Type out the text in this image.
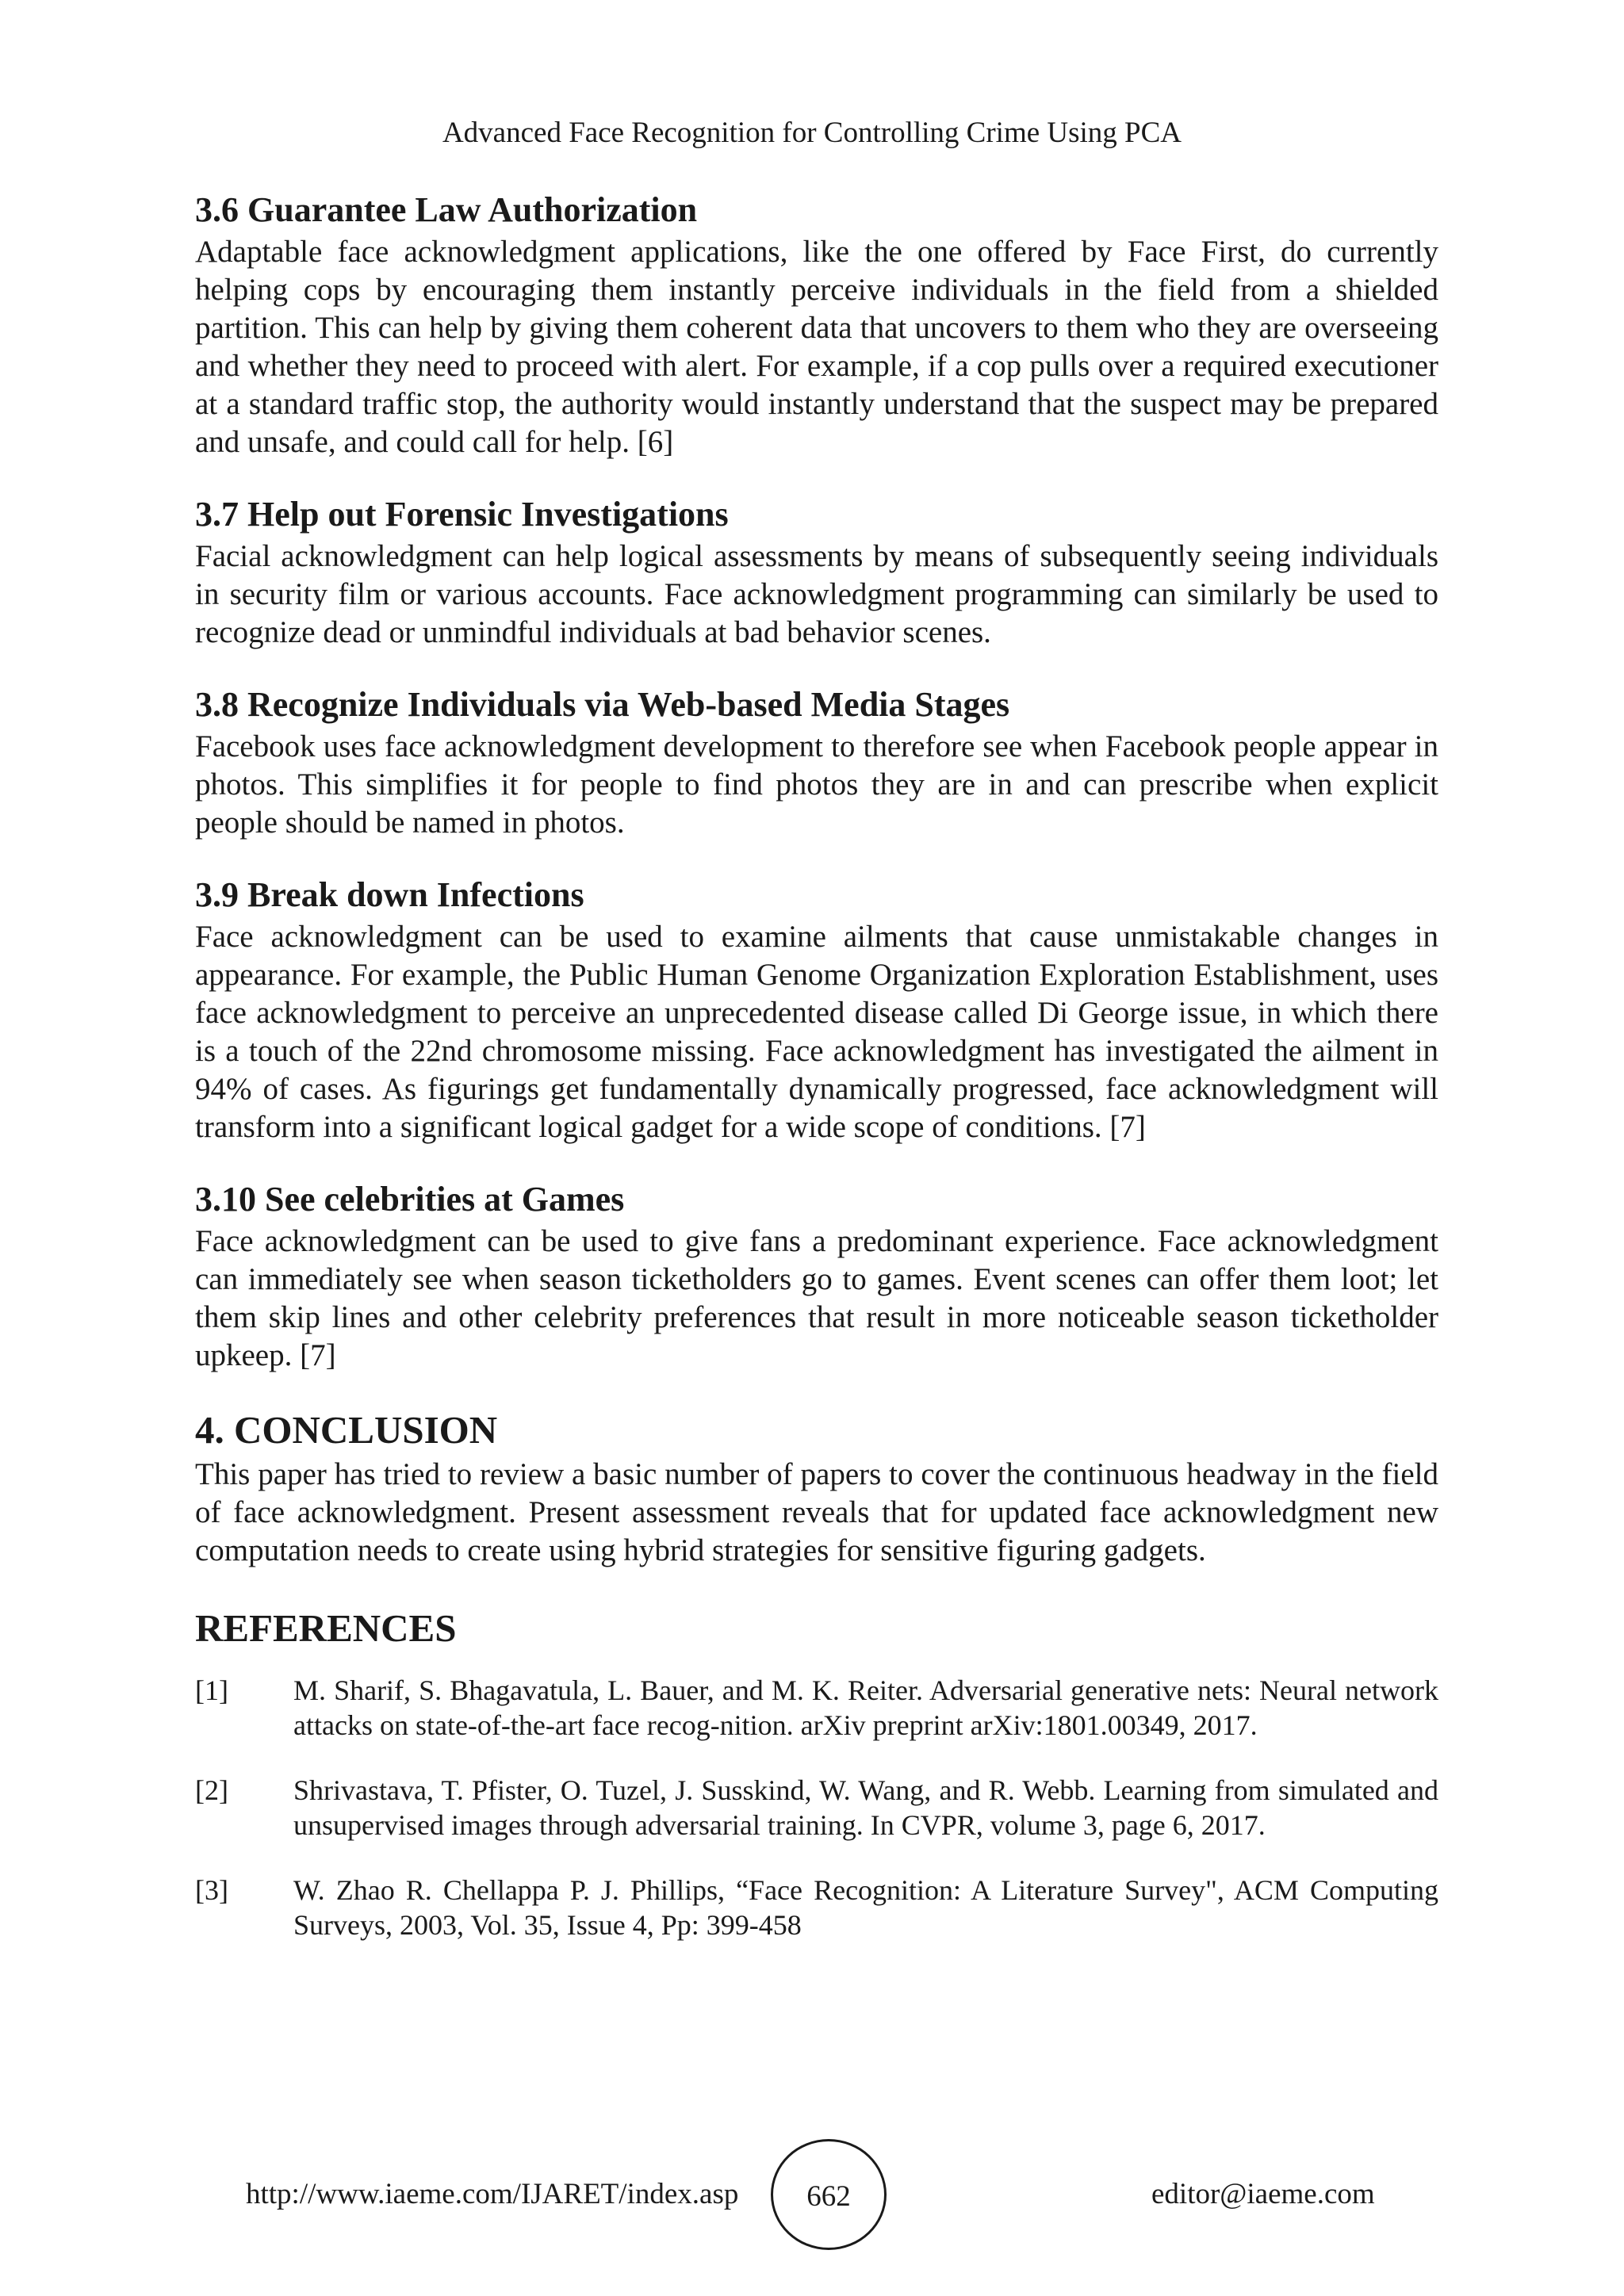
Advanced Face Recognition for Controlling Crime Using PCA
3.6 Guarantee Law Authorization

Adaptable face acknowledgment applications, like the one offered by Face First, do currently helping cops by encouraging them instantly perceive individuals in the field from a shielded partition. This can help by giving them coherent data that uncovers to them who they are overseeing and whether they need to proceed with alert. For example, if a cop pulls over a required executioner at a standard traffic stop, the authority would instantly understand that the suspect may be prepared and unsafe, and could call for help. [6]

3.7 Help out Forensic Investigations

Facial acknowledgment can help logical assessments by means of subsequently seeing individuals in security film or various accounts. Face acknowledgment programming can similarly be used to recognize dead or unmindful individuals at bad behavior scenes.

3.8 Recognize Individuals via Web-based Media Stages

Facebook uses face acknowledgment development to therefore see when Facebook people appear in photos. This simplifies it for people to find photos they are in and can prescribe when explicit people should be named in photos.

3.9 Break down Infections

Face acknowledgment can be used to examine ailments that cause unmistakable changes in appearance. For example, the Public Human Genome Organization Exploration Establishment, uses face acknowledgment to perceive an unprecedented disease called Di George issue, in which there is a touch of the 22nd chromosome missing. Face acknowledgment has investigated the ailment in 94% of cases. As figurings get fundamentally dynamically progressed, face acknowledgment will transform into a significant logical gadget for a wide scope of conditions. [7]

3.10 See celebrities at Games

Face acknowledgment can be used to give fans a predominant experience. Face acknowledgment can immediately see when season ticketholders go to games. Event scenes can offer them loot; let them skip lines and other celebrity preferences that result in more noticeable season ticketholder upkeep. [7]

4. CONCLUSION

This paper has tried to review a basic number of papers to cover the continuous headway in the field of face acknowledgment. Present assessment reveals that for updated face acknowledgment new computation needs to create using hybrid strategies for sensitive figuring gadgets.

REFERENCES
[1]	M. Sharif, S. Bhagavatula, L. Bauer, and M. K. Reiter. Adversarial generative nets: Neural network attacks on state-of-the-art face recog-nition. arXiv preprint arXiv:1801.00349, 2017.
[2]	Shrivastava, T. Pfister, O. Tuzel, J. Susskind, W. Wang, and R. Webb. Learning from simulated and unsupervised images through adversarial training. In CVPR, volume 3, page 6, 2017.
[3]	W. Zhao R. Chellappa P. J. Phillips, “Face Recognition: A Literature Survey", ACM Computing Surveys, 2003, Vol. 35, Issue 4, Pp: 399-458
http://www.iaeme.com/IJARET/index.asp	662	editor@iaeme.com
